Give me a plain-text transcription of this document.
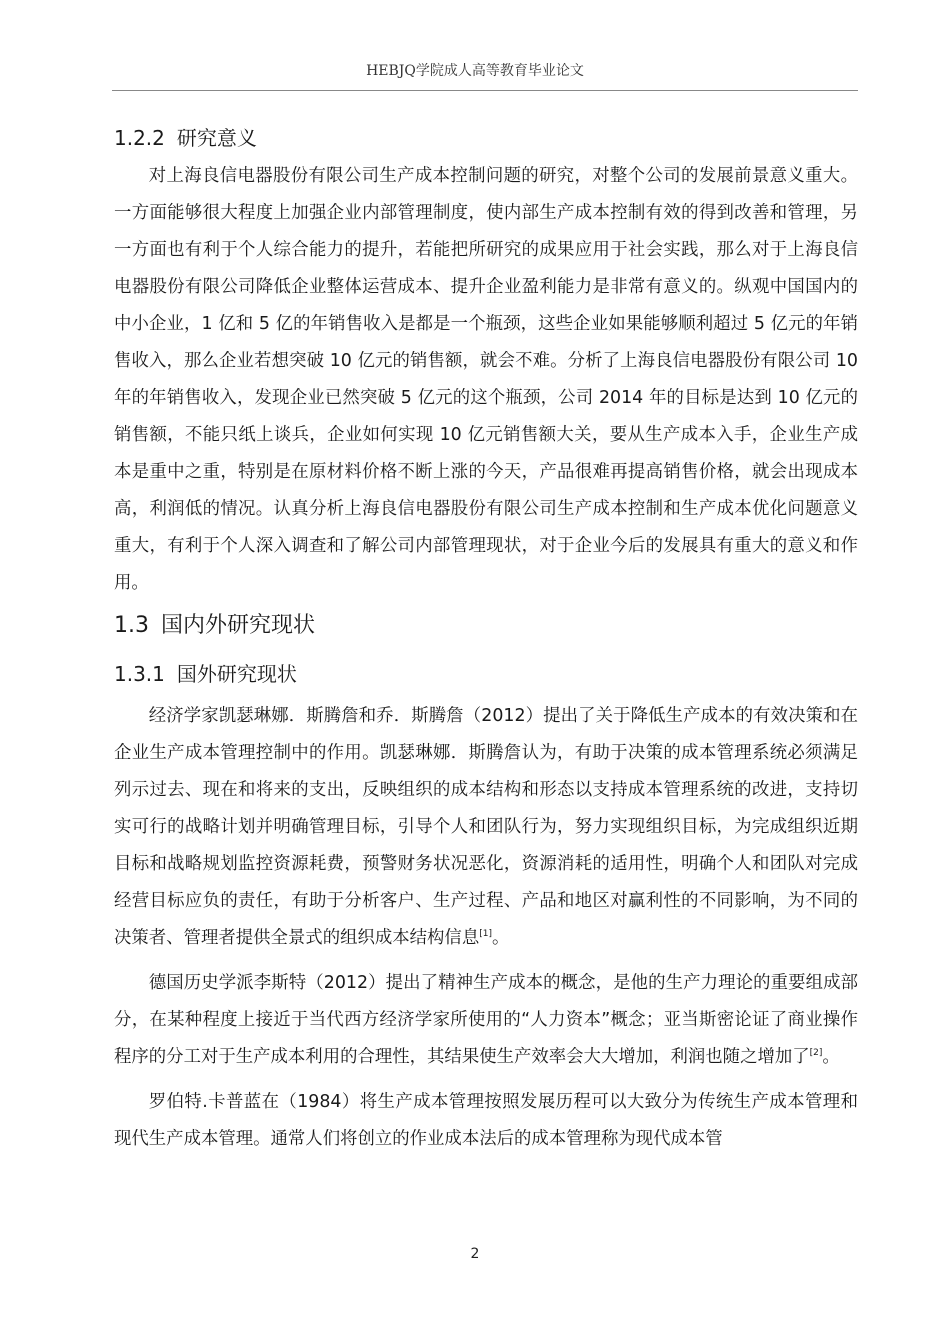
HEBJQ学院成人高等教育毕业论文
1.2.2 研究意义

对上海良信电器股份有限公司生产成本控制问题的研究，对整个公司的发展前景意义重大。一方面能够很大程度上加强企业内部管理制度，使内部生产成本控制有效的得到改善和管理，另一方面也有利于个人综合能力的提升，若能把所研究的成果应用于社会实践，那么对于上海良信电器股份有限公司降低企业整体运营成本、提升企业盈利能力是非常有意义的。纵观中国国内的中小企业，1 亿和 5 亿的年销售收入是都是一个瓶颈，这些企业如果能够顺利超过 5 亿元的年销售收入，那么企业若想突破 10 亿元的销售额，就会不难。分析了上海良信电器股份有限公司 10 年的年销售收入，发现企业已然突破 5 亿元的这个瓶颈，公司 2014 年的目标是达到 10 亿元的销售额，不能只纸上谈兵，企业如何实现 10 亿元销售额大关，要从生产成本入手，企业生产成本是重中之重，特别是在原材料价格不断上涨的今天，产品很难再提高销售价格，就会出现成本高，利润低的情况。认真分析上海良信电器股份有限公司生产成本控制和生产成本优化问题意义重大，有利于个人深入调查和了解公司内部管理现状，对于企业今后的发展具有重大的意义和作用。

1.3 国内外研究现状
1.3.1 国外研究现状

经济学家凯瑟琳娜．斯腾詹和乔．斯腾詹（2012）提出了关于降低生产成本的有效决策和在企业生产成本管理控制中的作用。凯瑟琳娜．斯腾詹认为，有助于决策的成本管理系统必须满足列示过去、现在和将来的支出，反映组织的成本结构和形态以支持成本管理系统的改进，支持切实可行的战略计划并明确管理目标，引导个人和团队行为，努力实现组织目标，为完成组织近期目标和战略规划监控资源耗费，预警财务状况恶化，资源消耗的适用性，明确个人和团队对完成经营目标应负的责任，有助于分析客户、生产过程、产品和地区对赢利性的不同影响，为不同的决策者、管理者提供全景式的组织成本结构信息[1]。

德国历史学派李斯特（2012）提出了精神生产成本的概念，是他的生产力理论的重要组成部分，在某种程度上接近于当代西方经济学家所使用的“人力资本”概念；亚当斯密论证了商业操作程序的分工对于生产成本利用的合理性，其结果使生产效率会大大增加，利润也随之增加了[2]。

罗伯特.卡普蓝在（1984）将生产成本管理按照发展历程可以大致分为传统生产成本管理和现代生产成本管理。通常人们将创立的作业成本法后的成本管理称为现代成本管

2
